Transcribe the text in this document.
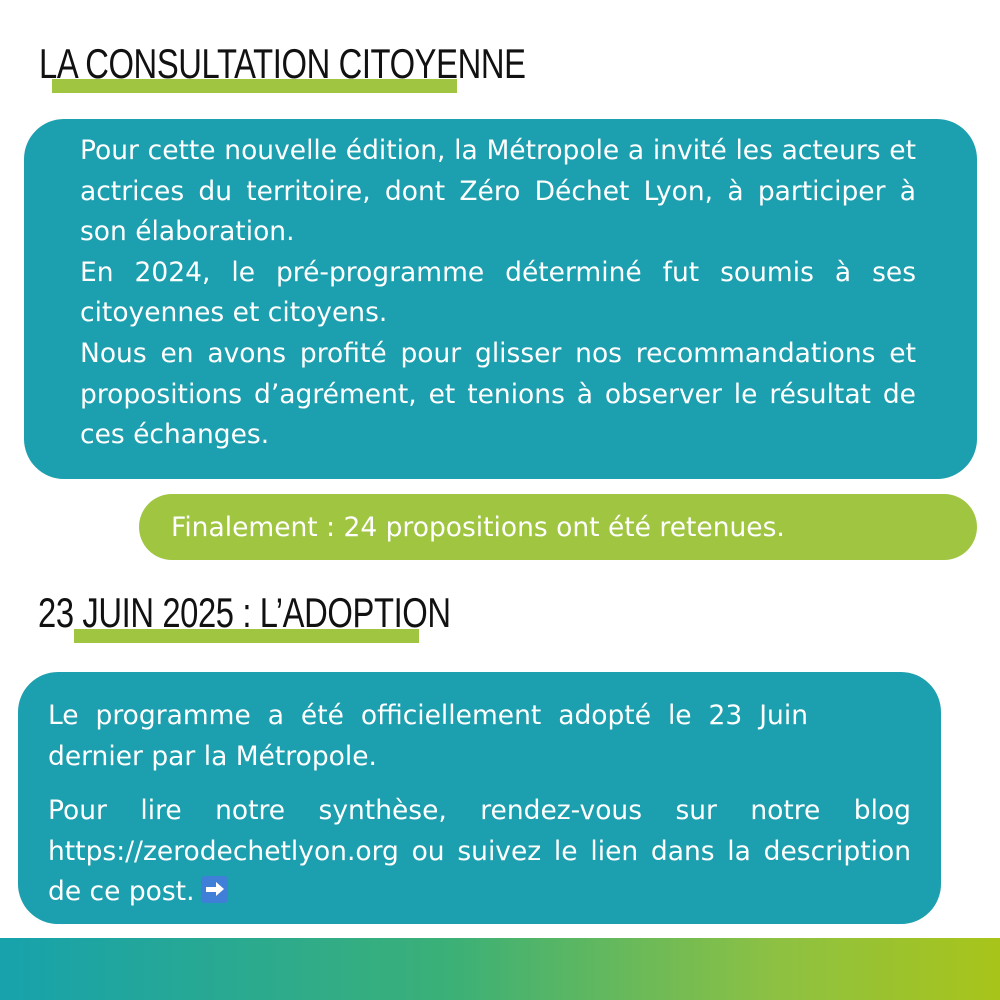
LA CONSULTATION CITOYENNE

Pour cette nouvelle édition, la Métropole a invité les acteurs et actrices du territoire, dont Zéro Déchet Lyon, à participer à son élaboration.

En 2024, le pré-programme déterminé fut soumis à ses citoyennes et citoyens.

Nous en avons profité pour glisser nos recommandations et propositions d’agrément, et tenions à observer le résultat de ces échanges.

Finalement : 24 propositions ont été retenues.
23 JUIN 2025 : L’ADOPTION

Le programme a été officiellement adopté le 23 Juin dernier par la Métropole.

Pour lire notre synthèse, rendez-vous sur notre blog https://zerodechetlyon.org ou suivez le lien dans la description de ce post.
